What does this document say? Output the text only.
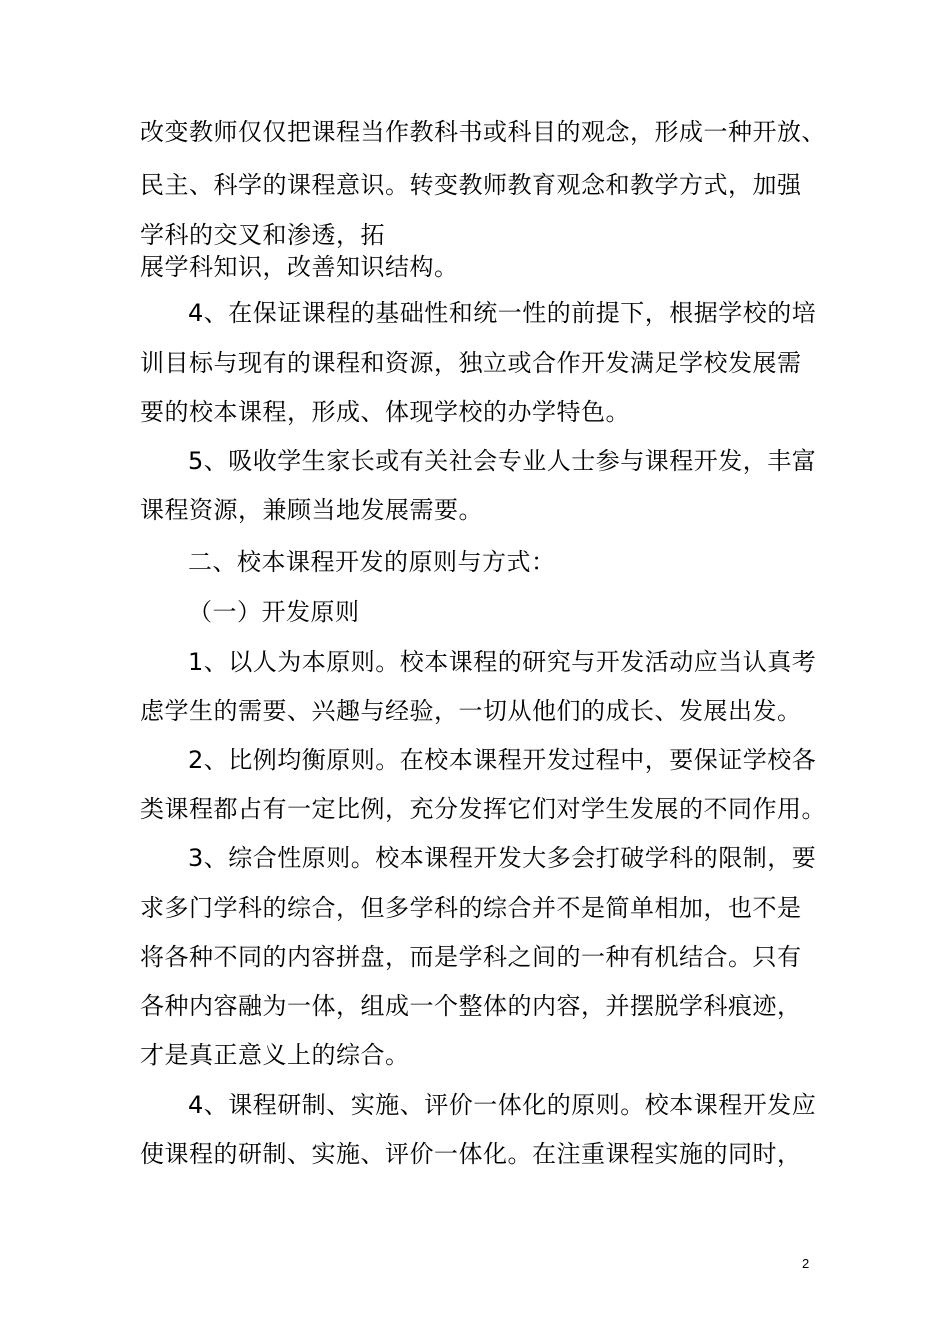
改变教师仅仅把课程当作教科书或科目的观念，形成一种开放、
民主、科学的课程意识。转变教师教育观念和教学方式，加强
学科的交叉和渗透，拓
展学科知识，改善知识结构。
4、在保证课程的基础性和统一性的前提下，根据学校的培
训目标与现有的课程和资源，独立或合作开发满足学校发展需
要的校本课程，形成、体现学校的办学特色。
5、吸收学生家长或有关社会专业人士参与课程开发，丰富
课程资源，兼顾当地发展需要。
二、校本课程开发的原则与方式：
（一）开发原则
1、以人为本原则。校本课程的研究与开发活动应当认真考
虑学生的需要、兴趣与经验，一切从他们的成长、发展出发。
2、比例均衡原则。在校本课程开发过程中，要保证学校各
类课程都占有一定比例，充分发挥它们对学生发展的不同作用。
3、综合性原则。校本课程开发大多会打破学科的限制，要
求多门学科的综合，但多学科的综合并不是简单相加，也不是
将各种不同的内容拼盘，而是学科之间的一种有机结合。只有
各种内容融为一体，组成一个整体的内容，并摆脱学科痕迹，
才是真正意义上的综合。
4、课程研制、实施、评价一体化的原则。校本课程开发应
使课程的研制、实施、评价一体化。在注重课程实施的同时，
2
